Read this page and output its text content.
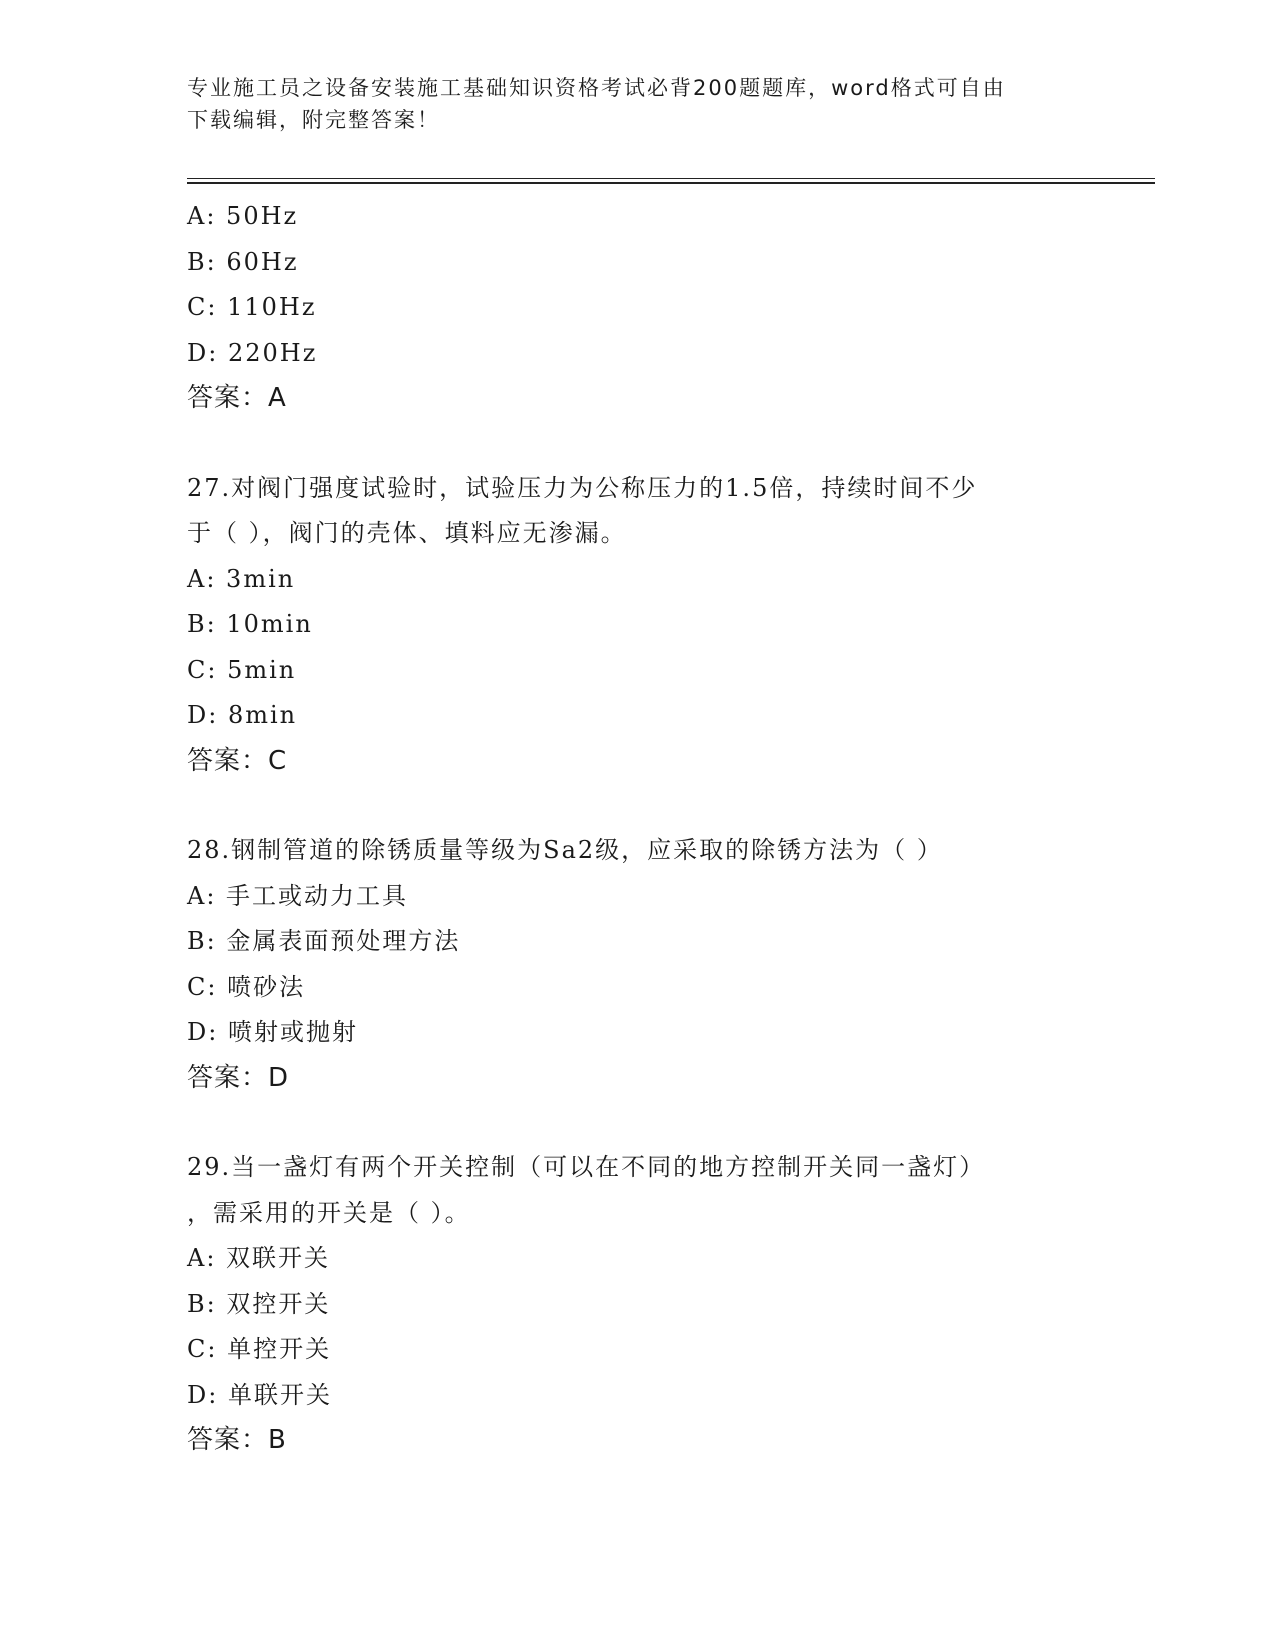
专业施工员之设备安装施工基础知识资格考试必背200题题库，word格式可自由
下载编辑，附完整答案！
A: 50Hz
B: 60Hz
C: 110Hz
D: 220Hz
答案：A
27.对阀门强度试验时，试验压力为公称压力的1.5倍，持续时间不少
于（ ），阀门的壳体、填料应无渗漏。
A: 3min
B: 10min
C: 5min
D: 8min
答案：C
28.钢制管道的除锈质量等级为Sa2级，应采取的除锈方法为（ ）
A: 手工或动力工具
B: 金属表面预处理方法
C: 喷砂法
D: 喷射或抛射
答案：D
29.当一盏灯有两个开关控制（可以在不同的地方控制开关同一盏灯）
，需采用的开关是（ ）。
A: 双联开关
B: 双控开关
C: 单控开关
D: 单联开关
答案：B
